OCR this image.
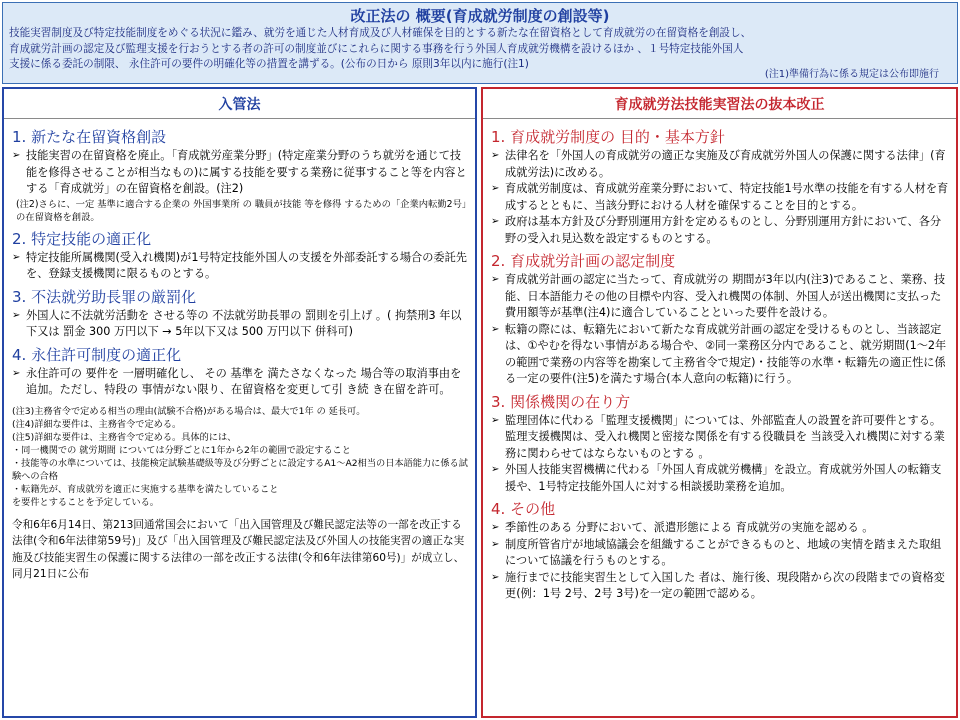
改正法の 概要(育成就労制度の創設等)
技能実習制度及び特定技能制度をめぐる状況に鑑み、就労を通じた人材育成及び人材確保を目的とする新たな在留資格として育成就労の在留資格を創設し、
育成就労計画の認定及び監理支援を行おうとする者の許可の制度並びにこれらに関する事務を行う外国人育成就労機構を設けるほか 、１号特定技能外国人
支援に係る委託の制限、 永住許可の要件の明確化等の措置を講ずる。(公布の日から 原則3年以内に施行(注1)
(注1)準備行為に係る規定は公布即施行
入管法
1. 新たな在留資格創設
➢ 技能実習の在留資格を廃止。「育成就労産業分野」(特定産業分野のうち就労を通じて技能を修得させることが相当なもの)に属する技能を要する業務に従事すること等を内容とする「育成就労」の在留資格を創設。(注2)
(注2)さらに、一定 基準に適合する企業の 外国事業所 の 職員が技能 等を修得 するための「企業内転勤2号」の在留資格を創設。
2. 特定技能の適正化
➢ 特定技能所属機関(受入れ機関)が1号特定技能外国人の支援を外部委託する場合の委託先を、登録支援機関に限るものとする。
3. 不法就労助長罪の厳罰化
➢ 外国人に不法就労活動を させる等の 不法就労助長罪の 罰則を引上げ 。( 拘禁刑3 年以下又は 罰金 300 万円以下 → 5年以下又は 500 万円以下 併科可)
4. 永住許可制度の適正化
➢ 永住許可の 要件を 一層明確化し、 その 基準を 満たさなくなった 場合等の取消事由を追加。ただし、特段の 事情がない限り、在留資格を変更して引 き続 き在留を許可。
(注3)主務省令で定める相当の理由(試験不合格)がある場合は、最大で1年 の 延長可。
(注4)詳細な要件は、主務省令で定める。
(注5)詳細な要件は、主務省令で定める。具体的には、
・同一機関での 就労期間 については分野ごとに1年から2年の範囲で設定すること
・技能等の水準については、技能検定試験基礎級等及び分野ごとに設定するA1～A2相当の日本語能力に係る試験への合格
・転籍先が、育成就労を適正に実施する基準を満たしていること
を要件とすることを予定している。
令和6年6月14日、第213回通常国会において「出入国管理及び難民認定法等の一部を改正する法律(令和6年法律第59号)」及び「出入国管理及び難民認定法及び外国人の技能実習の適正な実施及び技能実習生の保護に関する法律の一部を改正する法律(令和6年法律第60号)」が成立し、同月21日に公布
育成就労法技能実習法の抜本改正
1. 育成就労制度の 目的・基本方針
➢ 法律名を「外国人の育成就労の適正な実施及び育成就労外国人の保護に関する法律」(育成就労法)に改める。
➢ 育成就労制度は、育成就労産業分野において、特定技能1号水準の技能を有する人材を育成するとともに、当該分野における人材を確保することを目的とする。
➢ 政府は基本方針及び分野別運用方針を定めるものとし、分野別運用方針において、各分野の受入れ見込数を設定するものとする。
2. 育成就労計画の認定制度
➢ 育成就労計画の認定に当たって、育成就労の 期間が3年以内(注3)であること、業務、技能、日本語能力その他の目標や内容、受入れ機関の体制、外国人が送出機関に支払った費用額等が基準(注4)に適合していることといった要件を設ける。
➢ 転籍の際には、転籍先において新たな育成就労計画の認定を受けるものとし、当該認定は、①やむを得ない事情がある場合や、②同一業務区分内であること、就労期間(1～2年の範囲で業務の内容等を勘案して主務省令で規定)・技能等の水準・転籍先の適正性に係る一定の要件(注5)を満たす場合(本人意向の転籍)に行う。
3. 関係機関の在り方
➢ 監理団体に代わる「監理支援機関」については、外部監査人の設置を許可要件とする。監理支援機関は、受入れ機関と密接な関係を有する役職員を 当該受入れ機関に対する業務に関わらせてはならないものとする 。
➢ 外国人技能実習機構に代わる「外国人育成就労機構」を設立。育成就労外国人の転籍支援や、1号特定技能外国人に対する相談援助業務を追加。
4. その他
➢ 季節性のある 分野において、派遣形態による 育成就労の実施を認める 。
➢ 制度所管省庁が地域協議会を組織することができるものと、地域の実情を踏まえた取組について協議を行うものとする。
➢ 施行までに技能実習生として入国した 者は、施行後、現段階から次の段階までの資格変更(例：1号 2号、2号 3号)を一定の範囲で認める。
